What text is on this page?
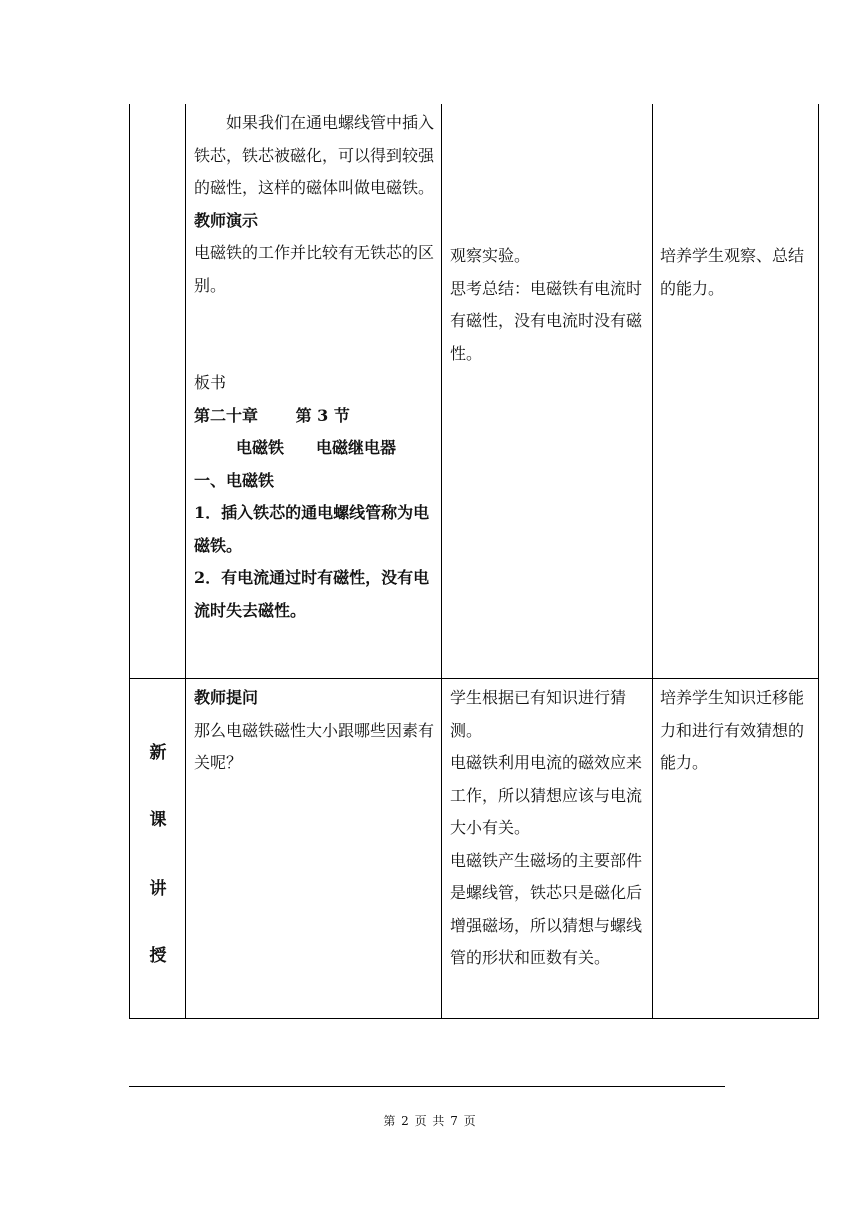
如果我们在通电螺线管中插入铁芯，铁芯被磁化，可以得到较强的磁性，这样的磁体叫做电磁铁。

教师演示

电磁铁的工作并比较有无铁芯的区别。

板书

第二十章　　 第 3 节

电磁铁　　电磁继电器

一、电磁铁

1．插入铁芯的通电螺线管称为电磁铁。

2．有电流通过时有磁性，没有电流时失去磁性。

观察实验。

思考总结：电磁铁有电流时有磁性，没有电流时没有磁性。

培养学生观察、总结的能力。

新
课
讲
授

教师提问

那么电磁铁磁性大小跟哪些因素有关呢？

学生根据已有知识进行猜测。

电磁铁利用电流的磁效应来工作，所以猜想应该与电流大小有关。

电磁铁产生磁场的主要部件是螺线管，铁芯只是磁化后增强磁场，所以猜想与螺线管的形状和匝数有关。

培养学生知识迁移能力和进行有效猜想的能力。

第 2 页 共 7 页
